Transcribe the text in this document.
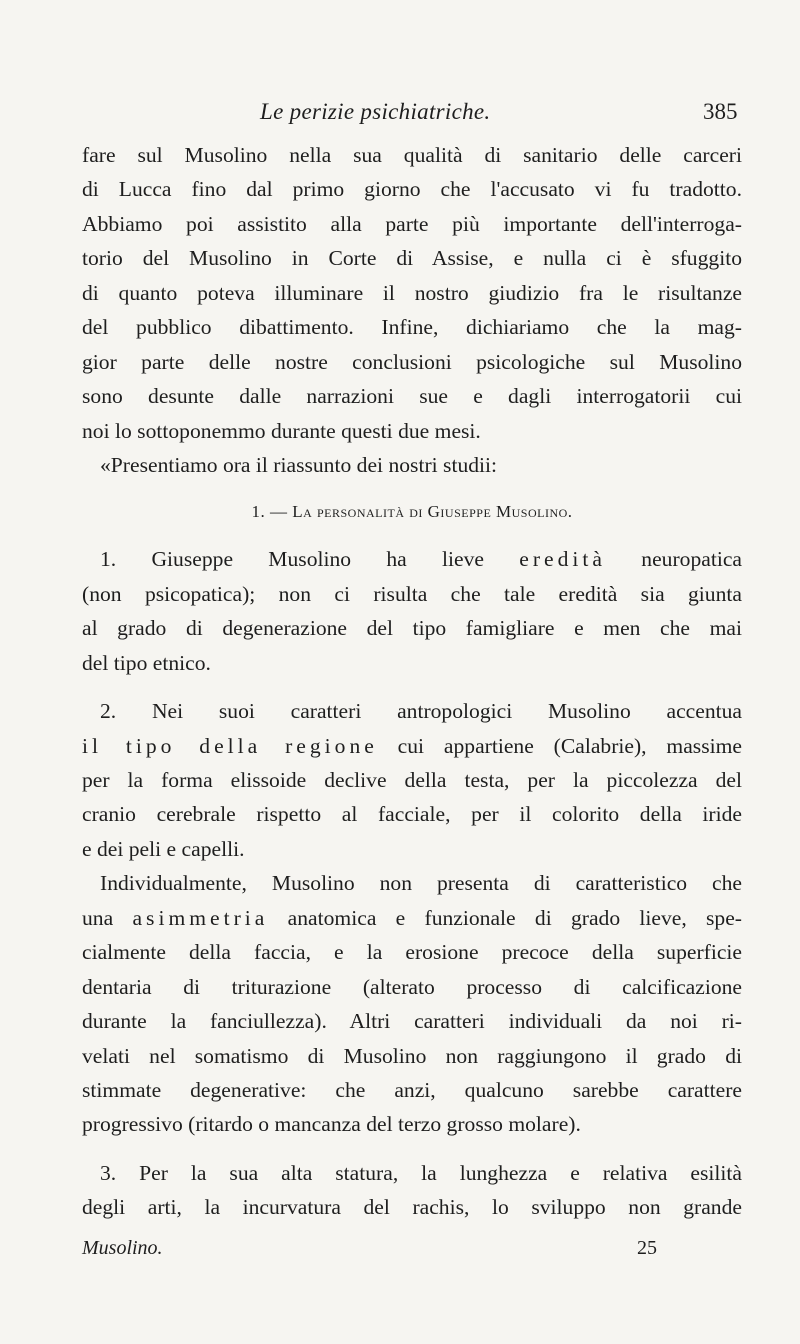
Le perizie psichiatriche.	385
fare sul Musolino nella sua qualità di sanitario delle carceri
di Lucca fino dal primo giorno che l'accusato vi fu tradotto.
Abbiamo poi assistito alla parte più importante dell'interroga-
torio del Musolino in Corte di Assise, e nulla ci è sfuggito
di quanto poteva illuminare il nostro giudizio fra le risultanze
del pubblico dibattimento. Infine, dichiariamo che la mag-
gior parte delle nostre conclusioni psicologiche sul Musolino
sono desunte dalle narrazioni sue e dagli interrogatorii cui
noi lo sottoponemmo durante questi due mesi.
«Presentiamo ora il riassunto dei nostri studii:
1. — La personalità di Giuseppe Musolino.
1. Giuseppe Musolino ha lieve eredità neuropatica
(non psicopatica); non ci risulta che tale eredità sia giunta
al grado di degenerazione del tipo famigliare e men che mai
del tipo etnico.
2. Nei suoi caratteri antropologici Musolino accentua
il tipo della regione cui appartiene (Calabrie), massime
per la forma elissoide declive della testa, per la piccolezza del
cranio cerebrale rispetto al facciale, per il colorito della iride
e dei peli e capelli.
Individualmente, Musolino non presenta di caratteristico che
una asimmetria anatomica e funzionale di grado lieve, spe-
cialmente della faccia, e la erosione precoce della superficie
dentaria di triturazione (alterato processo di calcificazione
durante la fanciullezza). Altri caratteri individuali da noi ri-
velati nel somatismo di Musolino non raggiungono il grado di
stimmate degenerative: che anzi, qualcuno sarebbe carattere
progressivo (ritardo o mancanza del terzo grosso molare).
3. Per la sua alta statura, la lunghezza e relativa esilità
degli arti, la incurvatura del rachis, lo sviluppo non grande
Musolino.	25
